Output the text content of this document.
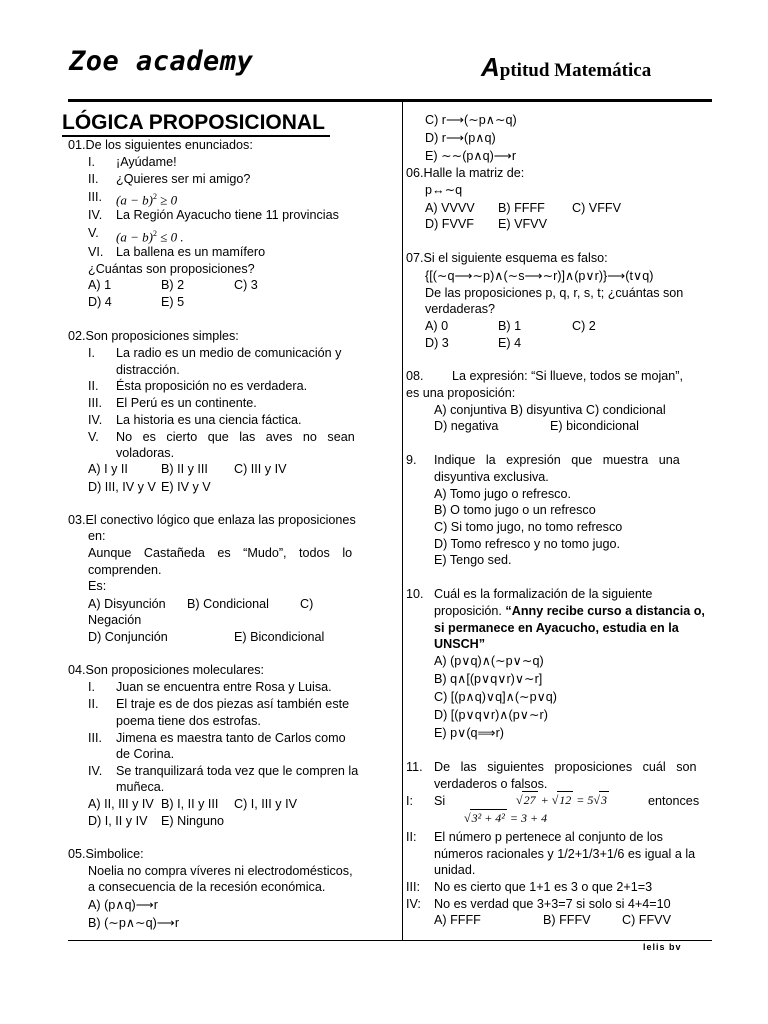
Zoe academy	Aptitud Matemática
LÓGICA PROPOSICIONAL
01.De los siguientes enunciados:
I. ¡Ayúdame!
II. ¿Quieres ser mi amigo?
III. $(a - b)^2 \ge 0$
IV. La Región Ayacucho tiene 11 provincias
V. $(a - b)^2 \le 0$ .
VI. La ballena es un mamífero
¿Cuántas son proposiciones?
A) 1	B) 2	C) 3
D) 4	E) 5
02.Son proposiciones simples:
I. La radio es un medio de comunicación y
distracción.
II. Ésta proposición no es verdadera.
III. El Perú es un continente.
IV. La historia es una ciencia fáctica.
V. No es cierto que las aves no sean
voladoras.
A) I y II	B) II y III C) III y IV
D) III, IV y V E) IV y V
03.El conectivo lógico que enlaza las proposiciones
en:
Aunque Castañeda es “Mudo”, todos lo
comprenden.
Es:
A) Disyunción B) Condicional C)
Negación
D) Conjunción	E) Bicondicional
04.Son proposiciones moleculares:
I. Juan se encuentra entre Rosa y Luisa.
II. El traje es de dos piezas así también este
poema tiene dos estrofas.
III. Jimena es maestra tanto de Carlos como
de Corina.
IV. Se tranquilizará toda vez que le compren la
muñeca.
A) II, III y IV B) I, II y III C) I, III y IV
D) I, II y IV E) Ninguno
05.Simbolice:
Noelia no compra víveres ni electrodomésticos,
a consecuencia de la recesión económica.
A) (p∧q)⟶r
B) (∼p∧∼q)⟶r
C) r⟶(∼p∧∼q)
D) r⟶(p∧q)
E) ∼∼(p∧q)⟶r
06.Halle la matriz de:
p↔∼q
A) VVVV B) FFFF C) VFFV
D) FVVF E) VFVV
07.Si el siguiente esquema es falso:
{[(∼q⟶∼p)∧(∼s⟶∼r)]∧(p∨r)}⟶(t∨q)
De las proposiciones p, q, r, s, t; ¿cuántas son
verdaderas?
A) 0	B) 1	C) 2
D) 3	E) 4
08. La expresión: “Si llueve, todos se mojan”,
es una proposición:
A) conjuntiva B) disyuntiva C) condicional
D) negativa	E) bicondicional
9. Indique la expresión que muestra una
disyuntiva exclusiva.
A) Tomo jugo o refresco.
B) O tomo jugo o un refresco
C) Si tomo jugo, no tomo refresco
D) Tomo refresco y no tomo jugo.
E) Tengo sed.
10. Cuál es la formalización de la siguiente
proposición. “Anny recibe curso a distancia o,
si permanece en Ayacucho, estudia en la
UNSCH”
A) (p∨q)∧(∼p∨∼q)
B) q∧[(p∨q∨r)∨∼r]
C) [(p∧q)∨q]∧(∼p∨q)
D) [(p∨q∨r)∧(p∨∼r)
E) p∨(q⟹r)
11. De las siguientes proposiciones cuál son
verdaderos o falsos.
I: Si	√27 + √12 = 5√3
√3² + 4² = 3 + 4
entonces
II: El número p pertenece al conjunto de los
números racionales y 1/2+1/3+1/6 es igual a la
unidad.
III: No es cierto que 1+1 es 3 o que 2+1=3
IV: No es verdad que 3+3=7 si solo si 4+4=10
A) FFFF	B) FFFV C) FFVV
lelis bv
